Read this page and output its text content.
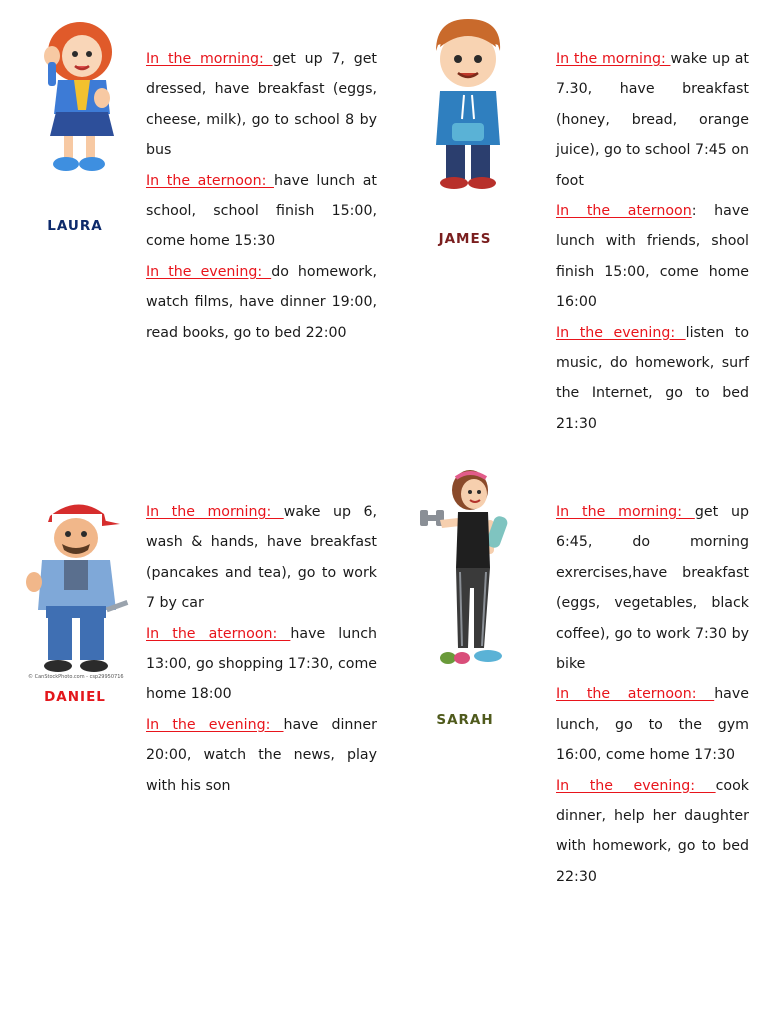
LAURA

In the morning: get up 7, get dressed, have breakfast (eggs, cheese, milk), go to school 8 by bus

In the aternoon: have lunch at school, school finish 15:00, come home 15:30

In the evening: do homework, watch films, have dinner 19:00, read books, go to bed 22:00

JAMES

In the morning: wake up at 7.30, have breakfast (honey, bread, orange juice), go to school 7:45 on foot

In the aternoon: have lunch with friends, shool finish 15:00, come home 16:00

In the evening: listen to music, do homework, surf the Internet, go to bed 21:30

© CanStockPhoto.com - csp29950716
DANIEL

In the morning: wake up 6, wash & hands, have breakfast (pancakes and tea), go to work 7 by car

In the aternoon: have lunch 13:00, go shopping 17:30, come home 18:00

In the evening: have dinner 20:00, watch the news, play with his son

SARAH

In the morning: get up 6:45, do morning exrercises,have breakfast (eggs, vegetables, black coffee), go to work 7:30 by bike

In the aternoon: have lunch, go to the gym 16:00, come home 17:30

In the evening: cook dinner, help her daughter with homework, go to bed 22:30
